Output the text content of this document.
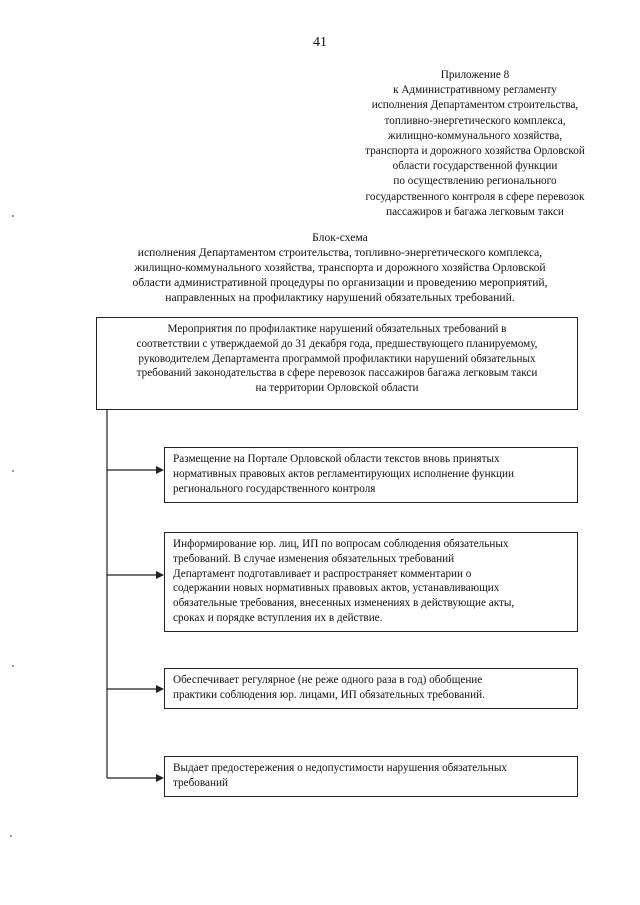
41
Приложение 8
к Административному регламенту
исполнения Департаментом строительства,
топливно-энергетического комплекса,
жилищно-коммунального хозяйства,
транспорта и дорожного хозяйства Орловской
области государственной функции
по осуществлению регионального
государственного контроля в сфере перевозок
пассажиров и багажа легковым такси
Блок-схема
исполнения Департаментом строительства, топливно-энергетического комплекса,
жилищно-коммунального хозяйства, транспорта и дорожного хозяйства Орловской
области административной процедуры по организации и проведению мероприятий,
направленных на профилактику нарушений обязательных требований.
Мероприятия по профилактике нарушений обязательных требований в
соответствии с утверждаемой до 31 декабря года, предшествующего планируемому,
руководителем Департамента программой профилактики нарушений обязательных
требований законодательства в сфере перевозок пассажиров багажа легковым такси
на территории Орловской области
Размещение на Портале Орловской области текстов вновь принятых
нормативных правовых актов регламентирующих исполнение функции
регионального государственного контроля
Информирование юр. лиц, ИП по вопросам соблюдения обязательных
требований. В случае изменения обязательных требований
Департамент подготавливает и распространяет комментарии о
содержании новых нормативных правовых актов, устанавливающих
обязательные требования, внесенных изменениях в действующие акты,
сроках и порядке вступления их в действие.
Обеспечивает регулярное (не реже одного раза в год) обобщение
практики соблюдения юр. лицами, ИП обязательных требований.
Выдает предостережения о недопустимости нарушения обязательных
требований
